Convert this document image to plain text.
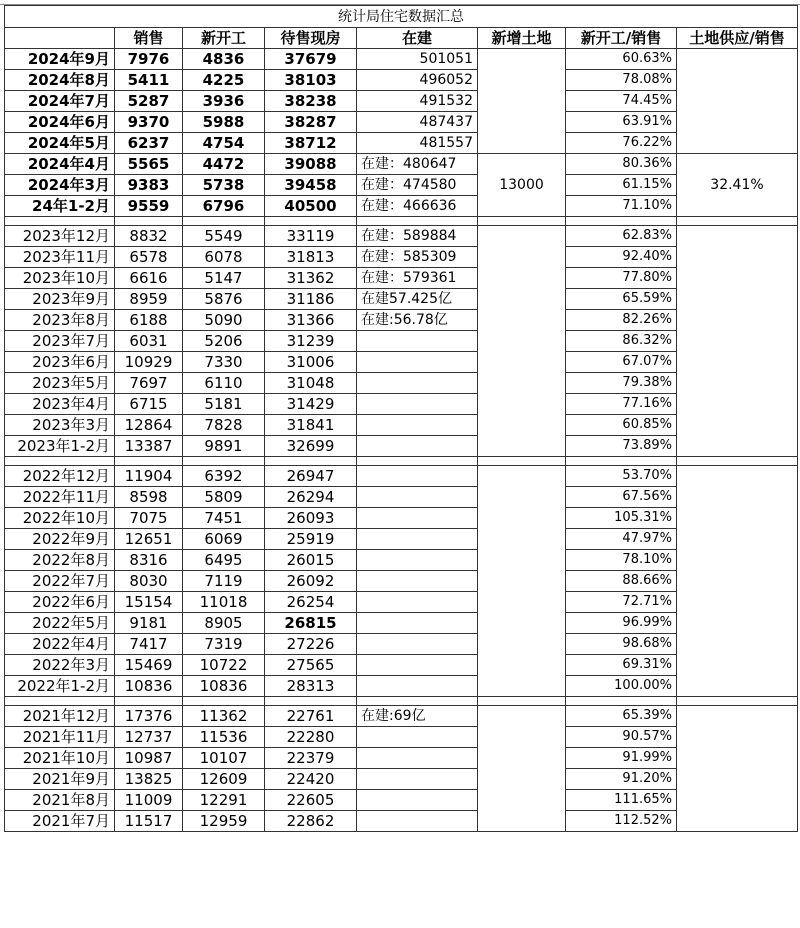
统计局住宅数据汇总							
	销售	新开工	待售现房	在建	新增土地	新开工/销售	土地供应/销售
2024年9月	7976	4836	37679	501051		60.63%	
2024年8月	5411	4225	38103	496052		78.08%	
2024年7月	5287	3936	38238	491532		74.45%	
2024年6月	9370	5988	38287	487437		63.91%	
2024年5月	6237	4754	38712	481557		76.22%	
2024年4月	5565	4472	39088	在建：480647	13000	80.36%	32.41%
2024年3月	9383	5738	39458	在建：474580		61.15%	
24年1-2月	9559	6796	40500	在建：466636		71.10%	

2023年12月	8832	5549	33119	在建：589884		62.83%	
2023年11月	6578	6078	31813	在建：585309		92.40%	
2023年10月	6616	5147	31362	在建：579361		77.80%	
2023年9月	8959	5876	31186	在建57.425亿		65.59%	
2023年8月	6188	5090	31366	在建:56.78亿		82.26%	
2023年7月	6031	5206	31239			86.32%	
2023年6月	10929	7330	31006			67.07%	
2023年5月	7697	6110	31048			79.38%	
2023年4月	6715	5181	31429			77.16%	
2023年3月	12864	7828	31841			60.85%	
2023年1-2月	13387	9891	32699			73.89%	

2022年12月	11904	6392	26947			53.70%	
2022年11月	8598	5809	26294			67.56%	
2022年10月	7075	7451	26093			105.31%	
2022年9月	12651	6069	25919			47.97%	
2022年8月	8316	6495	26015			78.10%	
2022年7月	8030	7119	26092			88.66%	
2022年6月	15154	11018	26254			72.71%	
2022年5月	9181	8905	26815			96.99%	
2022年4月	7417	7319	27226			98.68%	
2022年3月	15469	10722	27565			69.31%	
2022年1-2月	10836	10836	28313			100.00%	

2021年12月	17376	11362	22761	在建:69亿		65.39%	
2021年11月	12737	11536	22280			90.57%	
2021年10月	10987	10107	22379			91.99%	
2021年9月	13825	12609	22420			91.20%	
2021年8月	11009	12291	22605			111.65%	
2021年7月	11517	12959	22862			112.52%	
